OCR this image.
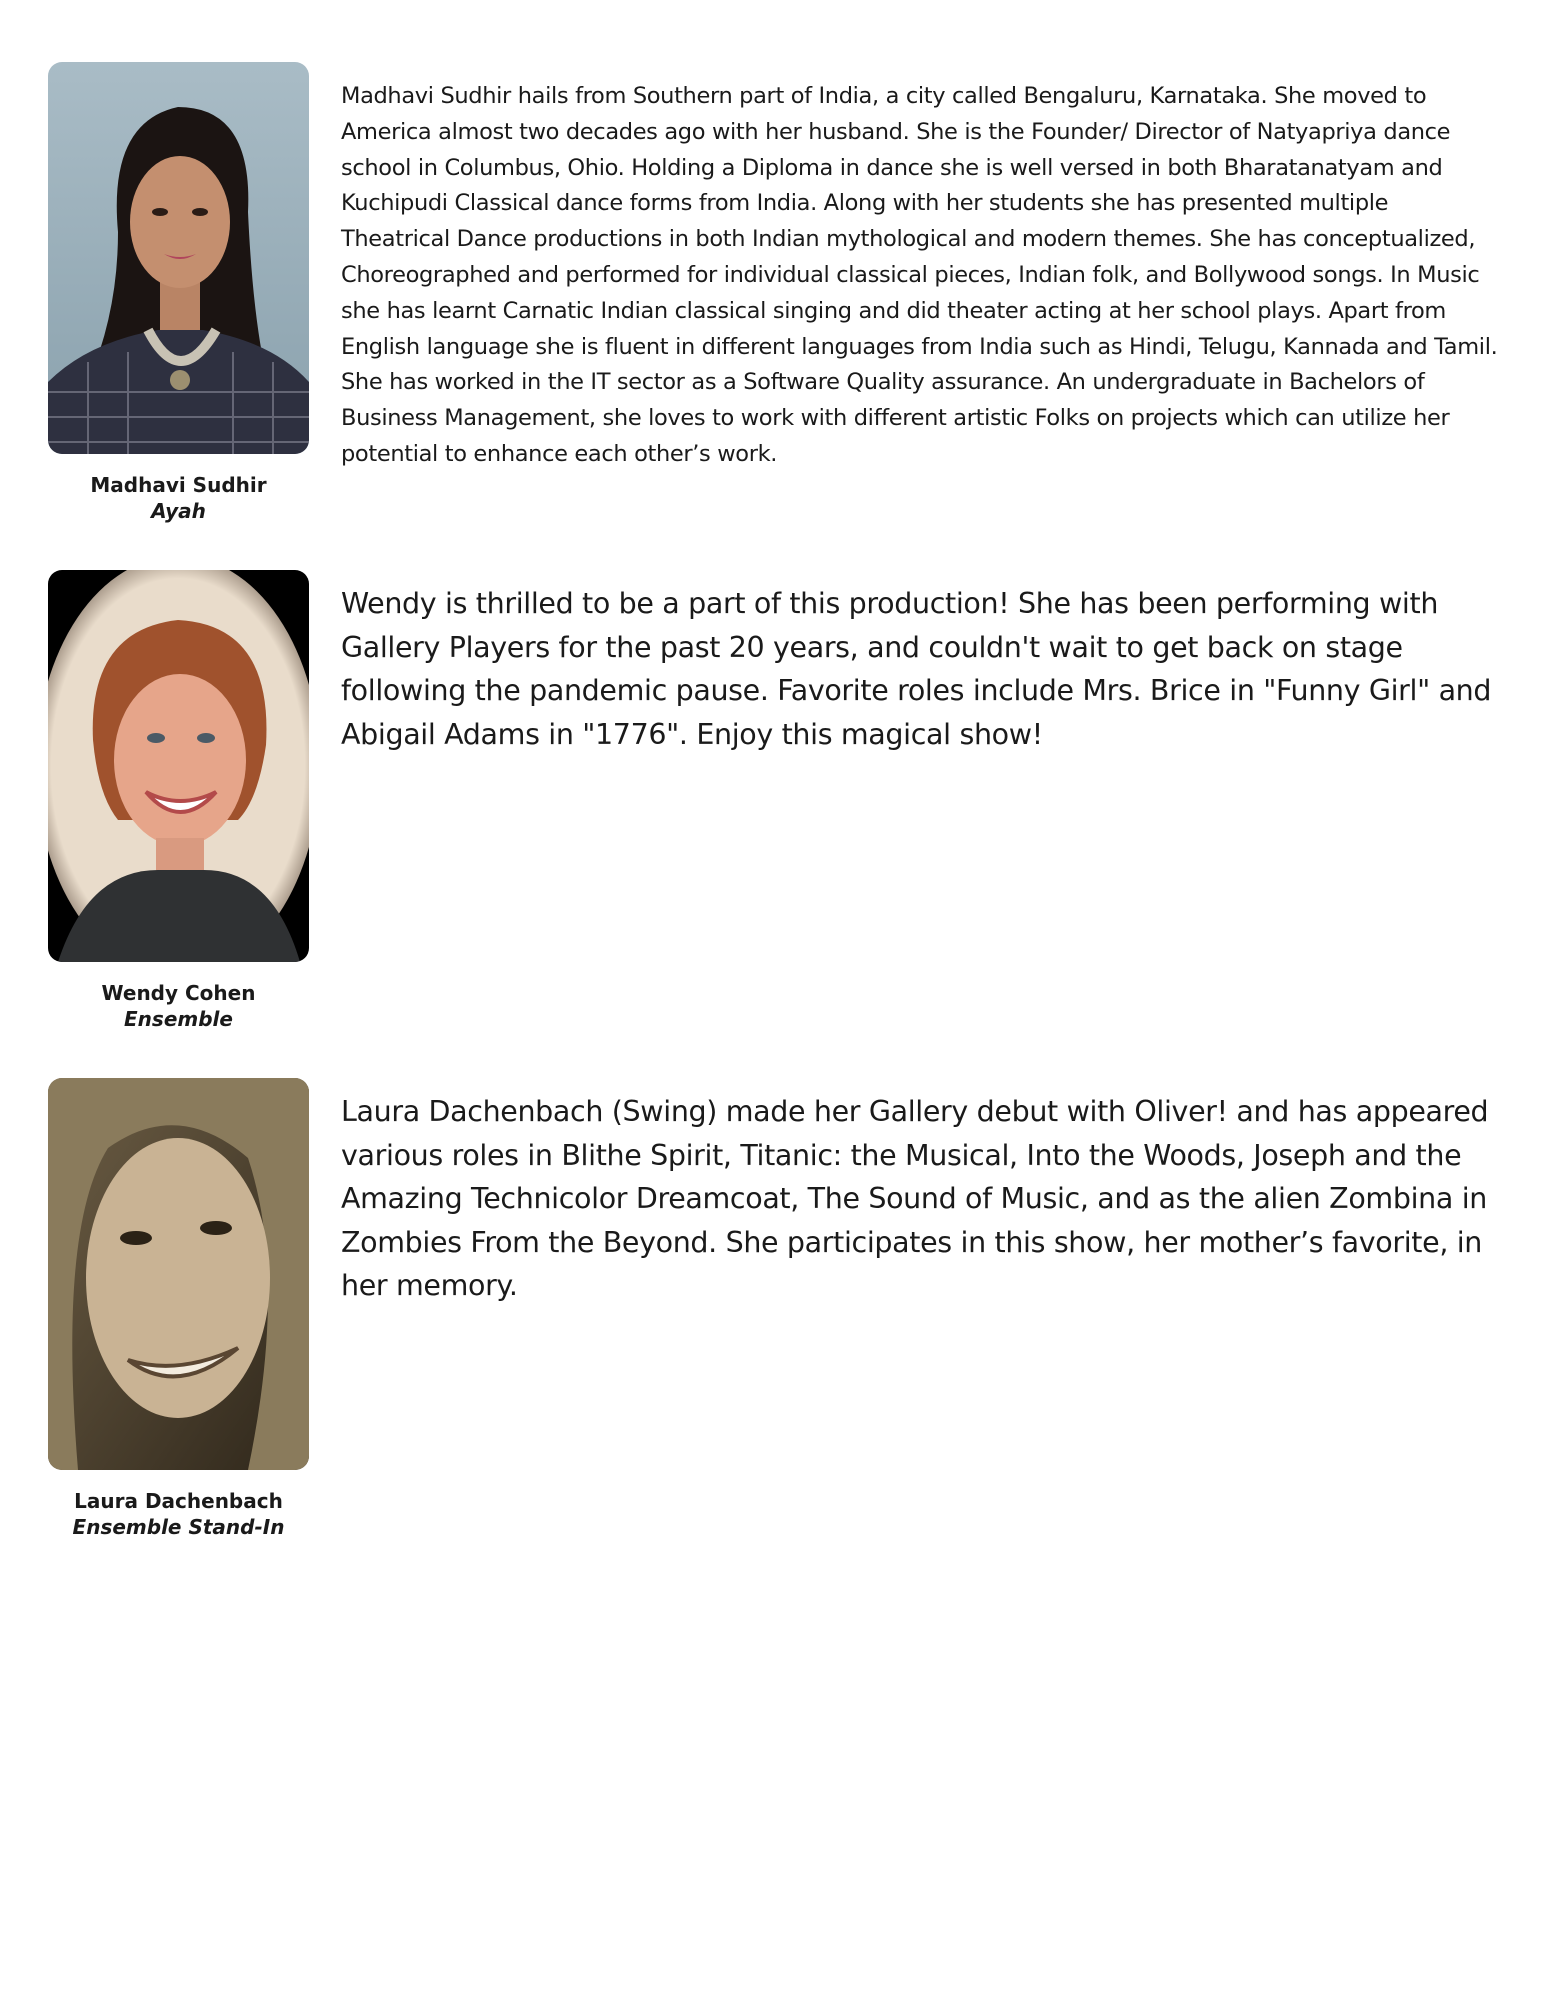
Madhavi Sudhir
Ayah

Madhavi Sudhir hails from Southern part of India, a city called Bengaluru, Karnataka. She moved to America almost two decades ago with her husband. She is the Founder/ Director of Natyapriya dance school in Columbus, Ohio. Holding a Diploma in dance she is well versed in both Bharatanatyam and Kuchipudi Classical dance forms from India. Along with her students she has presented multiple Theatrical Dance productions in both Indian mythological and modern themes. She has conceptualized, Choreographed and performed for individual classical pieces, Indian folk, and Bollywood songs. In Music she has learnt Carnatic Indian classical singing and did theater acting at her school plays. Apart from English language she is fluent in different languages from India such as Hindi, Telugu, Kannada and Tamil. She has worked in the IT sector as a Software Quality assurance. An undergraduate in Bachelors of Business Management, she loves to work with different artistic Folks on projects which can utilize her potential to enhance each other’s work.

Wendy Cohen
Ensemble

Wendy is thrilled to be a part of this production! She has been performing with Gallery Players for the past 20 years, and couldn't wait to get back on stage following the pandemic pause. Favorite roles include Mrs. Brice in "Funny Girl" and Abigail Adams in "1776". Enjoy this magical show!

Laura Dachenbach
Ensemble Stand-In

Laura Dachenbach (Swing) made her Gallery debut with Oliver! and has appeared various roles in Blithe Spirit, Titanic: the Musical, Into the Woods, Joseph and the Amazing Technicolor Dreamcoat, The Sound of Music, and as the alien Zombina in Zombies From the Beyond. She participates in this show, her mother’s favorite, in her memory.
